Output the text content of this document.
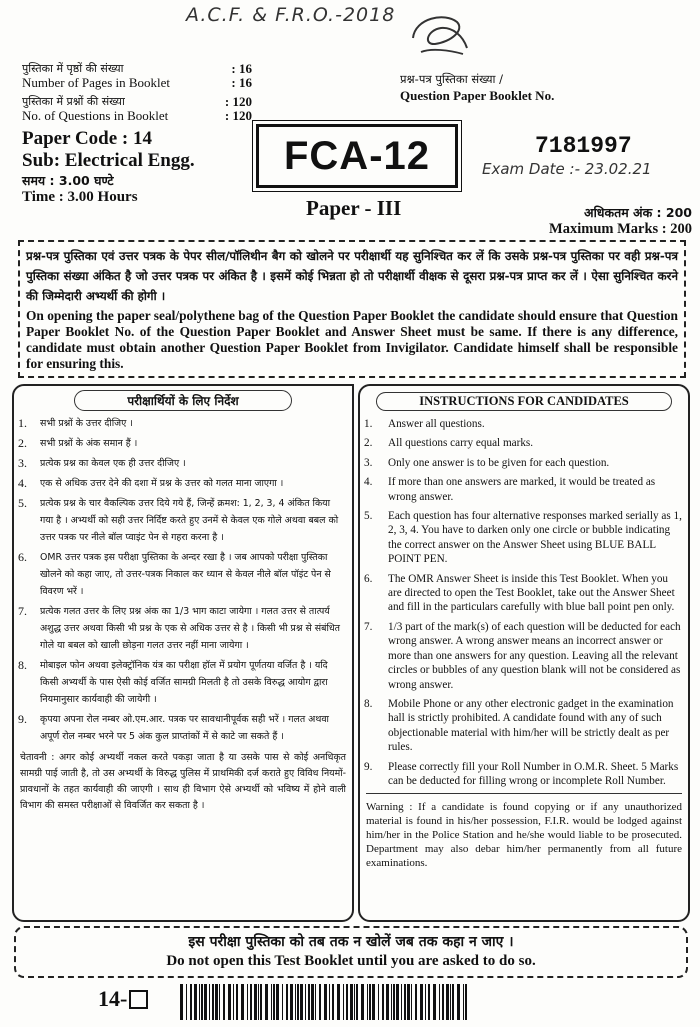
A.C.F. & F.R.O.-2018
पुस्तिका में पृष्ठों की संख्या	: 16
Number of Pages in Booklet	: 16
पुस्तिका में प्रश्नों की संख्या	: 120
No. of Questions in Booklet	: 120
Paper Code : 14
Sub: Electrical Engg.
समय : 3.00 घण्टे
Time : 3.00 Hours
FCA-12
Paper - III
प्रश्न-पत्र पुस्तिका संख्या /
Question Paper Booklet No.
7181997
Exam Date :- 23.02.21
अधिकतम अंक : 200
Maximum Marks : 200
प्रश्न-पत्र पुस्तिका एवं उत्तर पत्रक के पेपर सील/पॉलिथीन बैग को खोलने पर परीक्षार्थी यह सुनिश्चित कर लें कि उसके प्रश्न-पत्र पुस्तिका पर वही प्रश्न-पत्र पुस्तिका संख्या अंकित है जो उत्तर पत्रक पर अंकित है । इसमें कोई भिन्नता हो तो परीक्षार्थी वीक्षक से दूसरा प्रश्न-पत्र प्राप्त कर लें । ऐसा सुनिश्चित करने की जिम्मेदारी अभ्यर्थी की होगी ।
On opening the paper seal/polythene bag of the Question Paper Booklet the candidate should ensure that Question Paper Booklet No. of the Question Paper Booklet and Answer Sheet must be same. If there is any difference, candidate must obtain another Question Paper Booklet from Invigilator. Candidate himself shall be responsible for ensuring this.
परीक्षार्थियों के लिए निर्देश
1.	सभी प्रश्नों के उत्तर दीजिए ।
2.	सभी प्रश्नों के अंक समान हैं ।
3.	प्रत्येक प्रश्न का केवल एक ही उत्तर दीजिए ।
4.	एक से अधिक उत्तर देने की दशा में प्रश्न के उत्तर को गलत माना जाएगा ।
5.	प्रत्येक प्रश्न के चार वैकल्पिक उत्तर दिये गये हैं, जिन्हें क्रमश: 1, 2, 3, 4 अंकित किया गया है । अभ्यर्थी को सही उत्तर निर्दिष्ट करते हुए उनमें से केवल एक गोले अथवा बबल को उत्तर पत्रक पर नीले बॉल प्वाइंट पेन से गहरा करना है ।
6.	OMR उत्तर पत्रक इस परीक्षा पुस्तिका के अन्दर रखा है । जब आपको परीक्षा पुस्तिका खोलने को कहा जाए, तो उत्तर-पत्रक निकाल कर ध्यान से केवल नीले बॉल पॉइंट पेन से विवरण भरें ।
7.	प्रत्येक गलत उत्तर के लिए प्रश्न अंक का 1/3 भाग काटा जायेगा । गलत उत्तर से तात्पर्य अशुद्ध उत्तर अथवा किसी भी प्रश्न के एक से अधिक उत्तर से है । किसी भी प्रश्न से संबंधित गोले या बबल को खाली छोड़ना गलत उत्तर नहीं माना जायेगा ।
8.	मोबाइल फोन अथवा इलेक्ट्रॉनिक यंत्र का परीक्षा हॉल में प्रयोग पूर्णतया वर्जित है । यदि किसी अभ्यर्थी के पास ऐसी कोई वर्जित सामग्री मिलती है तो उसके विरुद्ध आयोग द्वारा नियमानुसार कार्यवाही की जायेगी ।
9.	कृपया अपना रोल नम्बर ओ.एम.आर. पत्रक पर सावधानीपूर्वक सही भरें । गलत अथवा अपूर्ण रोल नम्बर भरने पर 5 अंक कुल प्राप्तांकों में से काटे जा सकते हैं ।
चेतावनी : अगर कोई अभ्यर्थी नकल करते पकड़ा जाता है या उसके पास से कोई अनधिकृत सामग्री पाई जाती है, तो उस अभ्यर्थी के विरुद्ध पुलिस में प्राथमिकी दर्ज कराते हुए विविध नियमों-प्रावधानों के तहत कार्यवाही की जाएगी । साथ ही विभाग ऐसे अभ्यर्थी को भविष्य में होने वाली विभाग की समस्त परीक्षाओं से विवर्जित कर सकता है ।
INSTRUCTIONS FOR CANDIDATES
1.	Answer all questions.
2.	All questions carry equal marks.
3.	Only one answer is to be given for each question.
4.	If more than one answers are marked, it would be treated as wrong answer.
5.	Each question has four alternative responses marked serially as 1, 2, 3, 4. You have to darken only one circle or bubble indicating the correct answer on the Answer Sheet using BLUE BALL POINT PEN.
6.	The OMR Answer Sheet is inside this Test Booklet. When you are directed to open the Test Booklet, take out the Answer Sheet and fill in the particulars carefully with blue ball point pen only.
7.	1/3 part of the mark(s) of each question will be deducted for each wrong answer. A wrong answer means an incorrect answer or more than one answers for any question. Leaving all the relevant circles or bubbles of any question blank will not be considered as wrong answer.
8.	Mobile Phone or any other electronic gadget in the examination hall is strictly prohibited. A candidate found with any of such objectionable material with him/her will be strictly dealt as per rules.
9.	Please correctly fill your Roll Number in O.M.R. Sheet. 5 Marks can be deducted for filling wrong or incomplete Roll Number.
Warning : If a candidate is found copying or if any unauthorized material is found in his/her possession, F.I.R. would be lodged against him/her in the Police Station and he/she would liable to be prosecuted. Department may also debar him/her permanently from all future examinations.
इस परीक्षा पुस्तिका को तब तक न खोलें जब तक कहा न जाए ।
Do not open this Test Booklet until you are asked to do so.
14-
